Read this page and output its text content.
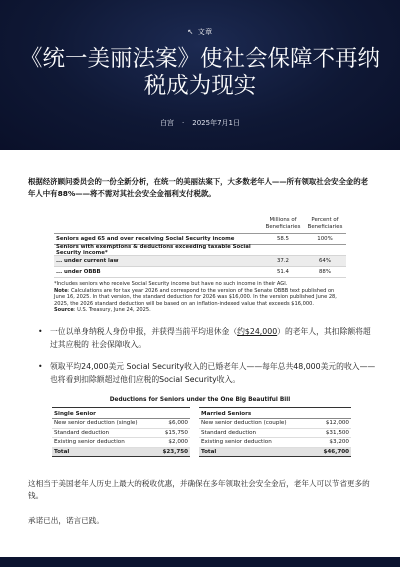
↖ 文章
《统一美丽法案》使社会保障不再纳税成为现实
白宫 · 2025年7月1日

根据经济顾问委员会的一份全新分析，在统一的美丽法案下，大多数老年人——所有领取社会安全金的老年人中有88%——将不需对其社会安全金福利支付税款。

Millions of Beneficiaries
Percent of Beneficiaries
Seniors aged 65 and over receiving Social Security income	58.5	100%
Seniors with exemptions & deductions exceeding taxable Social Security income*
... under current law	37.2	64%
... under OBBB	51.4	88%
*Includes seniors who receive Social Security income but have no such income in their AGI.
Note: Calculations are for tax year 2026 and correspond to the version of the Senate OBBB text published on June 16, 2025. In that version, the standard deduction for 2026 was $16,000. In the version published June 28, 2025, the 2026 standard deduction will be based on an inflation-indexed value that exceeds $16,000.
Source: U.S. Treasury, June 24, 2025.
• 一位以单身纳税人身份申报，并获得当前平均退休金（约$24,000）的老年人，其扣除额将超过其应税的 社会保障收入。
• 领取平均24,000美元 Social Security收入的已婚老年人——每年总共48,000美元的收入——也将看到扣除额超过他们应税的Social Security收入。
Deductions for Seniors under the One Big Beautiful Bill
Single Senior
New senior deduction (single)	$6,000
Standard deduction	$15,750
Existing senior deduction	$2,000
Total	$23,750
Married Seniors
New senior deduction (couple)	$12,000
Standard deduction	$31,500
Existing senior deduction	$3,200
Total	$46,700

这相当于美国老年人历史上最大的税收优惠，并确保在多年领取社会安全金后，老年人可以节省更多的钱。

承诺已出，诺言已践。
